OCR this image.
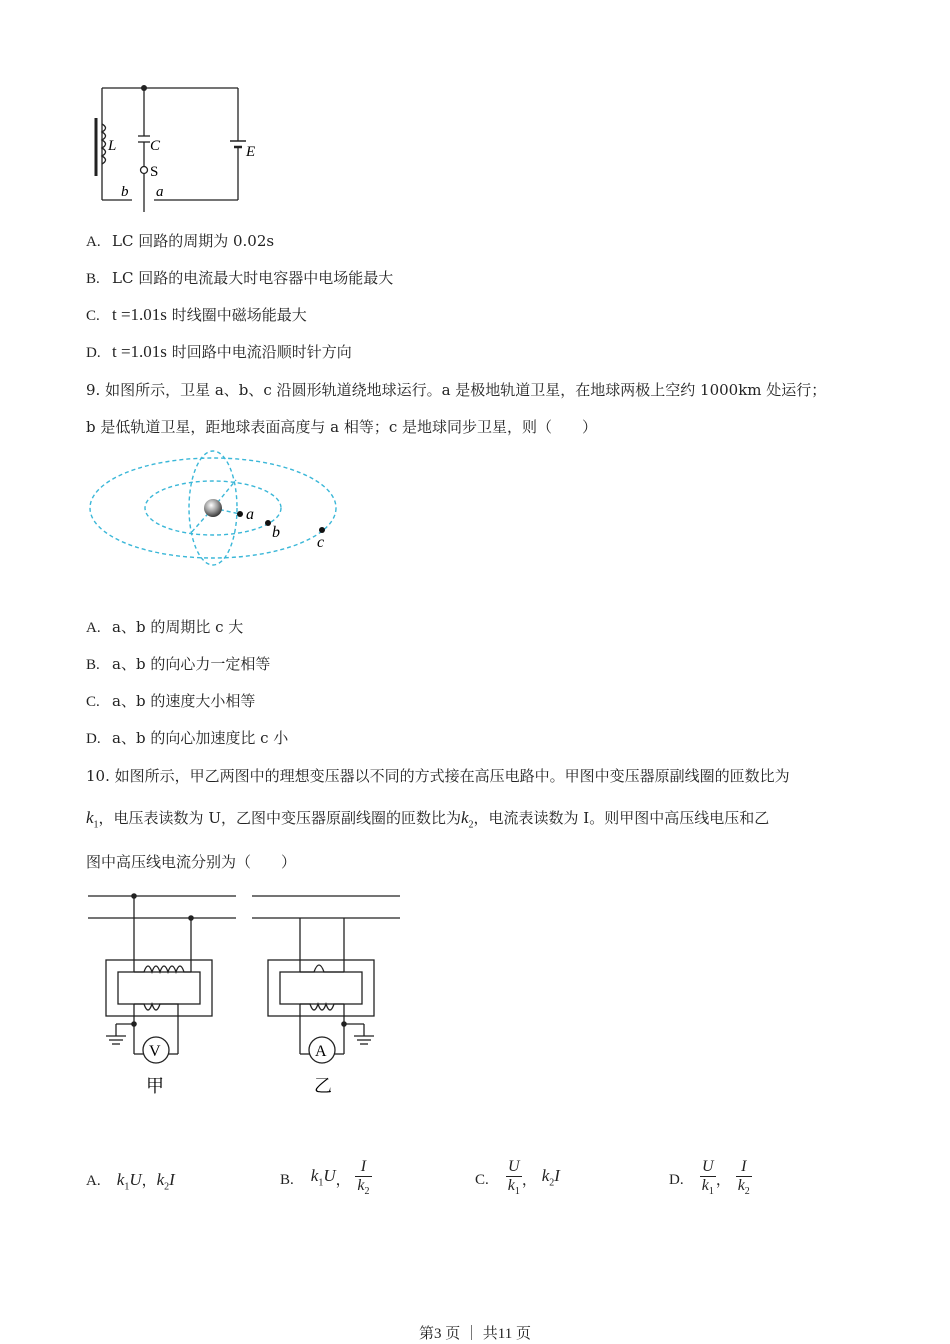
L C
S
E
b a
A. LC 回路的周期为 0.02s
B. LC 回路的电流最大时电容器中电场能最大
C. t =1.01s 时线圈中磁场能最大
D. t =1.01s 时回路中电流沿顺时针方向
9. 如图所示，卫星 a、b、c 沿圆形轨道绕地球运行。a 是极地轨道卫星，在地球两极上空约 1000km 处运行；
b 是低轨道卫星，距地球表面高度与 a 相等；c 是地球同步卫星，则（　　）
a
b
c
A. a、b 的周期比 c 大
B. a、b 的向心力一定相等
C. a、b 的速度大小相等
D. a、b 的向心加速度比 c 小
10. 如图所示，甲乙两图中的理想变压器以不同的方式接在高压电路中。甲图中变压器原副线圈的匝数比为
$k_1$，电压表读数为 U，乙图中变压器原副线圈的匝数比为$k_2$，电流表读数为 I。则甲图中高压线电压和乙
图中高压线电流分别为（　　）
V	A
甲	乙
A. $k_1U$，$k_2I$	B. $k_1U$， $\frac{I}{k_2}$	C. $\frac{U}{k_1}$ ， $k_2I$	D. $\frac{U}{k_1}$ ， $\frac{I}{k_2}$
第3 页 ｜ 共11 页
